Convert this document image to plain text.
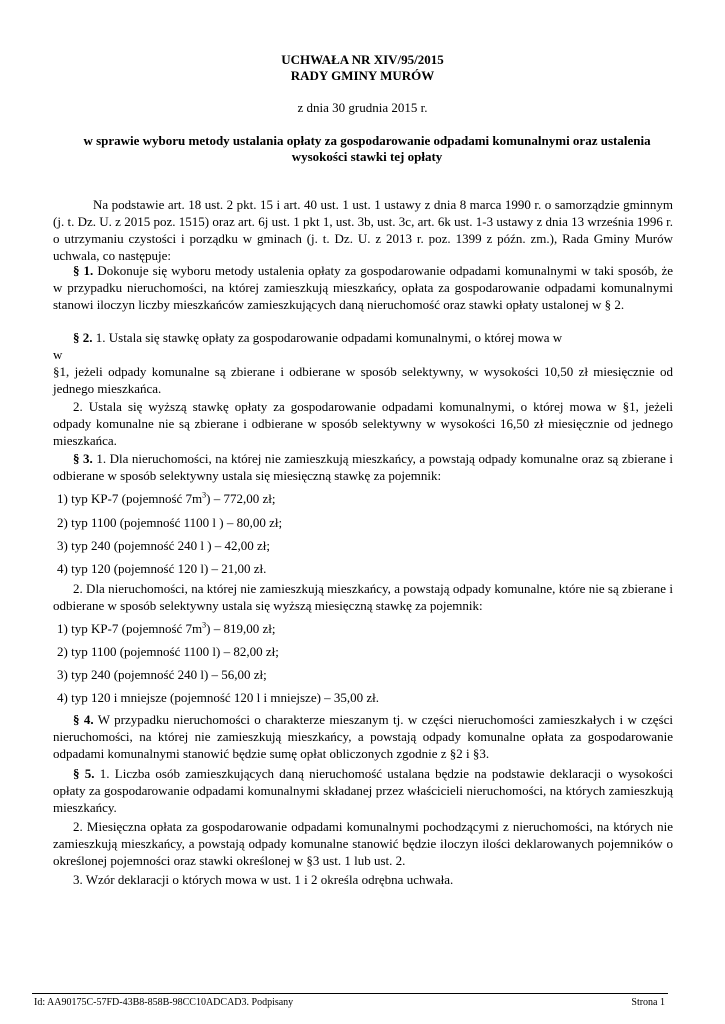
UCHWAŁA NR XIV/95/2015
RADY GMINY MURÓW
z dnia 30 grudnia 2015 r.
w sprawie wyboru metody ustalania opłaty za gospodarowanie odpadami komunalnymi oraz ustalenia wysokości stawki tej opłaty
Na podstawie art. 18 ust. 2 pkt. 15 i art. 40 ust. 1 ust. 1 ustawy z dnia 8 marca 1990 r. o samorządzie gminnym (j. t. Dz. U. z 2015 poz. 1515) oraz art. 6j ust. 1 pkt 1, ust. 3b, ust. 3c, art. 6k ust. 1-3 ustawy z dnia 13 września 1996 r. o utrzymaniu czystości i porządku w gminach (j. t. Dz. U. z 2013 r. poz. 1399 z późn. zm.), Rada Gminy Murów uchwala, co następuje:
§ 1. Dokonuje się wyboru metody ustalenia opłaty za gospodarowanie odpadami komunalnymi w taki sposób, że w przypadku nieruchomości, na której zamieszkują mieszkańcy, opłata za gospodarowanie odpadami komunalnymi stanowi iloczyn liczby mieszkańców zamieszkujących daną nieruchomość oraz stawki opłaty ustalonej w § 2.
§ 2. 1. Ustala się stawkę opłaty za gospodarowanie odpadami komunalnymi, o której mowa w
w
§1, jeżeli odpady komunalne są zbierane i odbierane w sposób selektywny, w wysokości 10,50 zł miesięcznie od jednego mieszkańca.
2. Ustala się wyższą stawkę opłaty za gospodarowanie odpadami komunalnymi, o której mowa w §1, jeżeli odpady komunalne nie są zbierane i odbierane w sposób selektywny w wysokości 16,50 zł miesięcznie od jednego mieszkańca.
§ 3. 1. Dla nieruchomości, na której nie zamieszkują mieszkańcy, a powstają odpady komunalne oraz są zbierane i odbierane w sposób selektywny ustala się miesięczną stawkę za pojemnik:
1) typ KP-7 (pojemność $7m^3) - 772,00$ zł;
2) typ 1100 (pojemność 1100 l ) – 80,00 zł;
3) typ 240 (pojemność 240 l ) – 42,00 zł;
4) typ 120 (pojemność 120 l) – 21,00 zł.
2. Dla nieruchomości, na której nie zamieszkują mieszkańcy, a powstają odpady komunalne, które nie są zbierane i odbierane w sposób selektywny ustala się wyższą miesięczną stawkę za pojemnik:
1) typ KP-7 (pojemność $7m^3) - 819,00$ zł;
2) typ 1100 (pojemność 1100 l) – 82,00 zł;
3) typ 240 (pojemność 240 l) – 56,00 zł;
4) typ 120 i mniejsze (pojemność 120 l i mniejsze) – 35,00 zł.
§ 4. W przypadku nieruchomości o charakterze mieszanym tj. w części nieruchomości zamieszkałych i w części nieruchomości, na której nie zamieszkują mieszkańcy, a powstają odpady komunalne opłata za gospodarowanie odpadami komunalnymi stanowić będzie sumę opłat obliczonych zgodnie z §2 i §3.
§ 5. 1. Liczba osób zamieszkujących daną nieruchomość ustalana będzie na podstawie deklaracji o wysokości opłaty za gospodarowanie odpadami komunalnymi składanej przez właścicieli nieruchomości, na których zamieszkują mieszkańcy.
2. Miesięczna opłata za gospodarowanie odpadami komunalnymi pochodzącymi z nieruchomości, na których nie zamieszkują mieszkańcy, a powstają odpady komunalne stanowić będzie iloczyn ilości deklarowanych pojemników o określonej pojemności oraz stawki określonej w §3 ust. 1 lub ust. 2.
3. Wzór deklaracji o których mowa w ust. 1 i 2 określa odrębna uchwała.
Id: AA90175C-57FD-43B8-858B-98CC10ADCAD3. Podpisany	Strona 1
